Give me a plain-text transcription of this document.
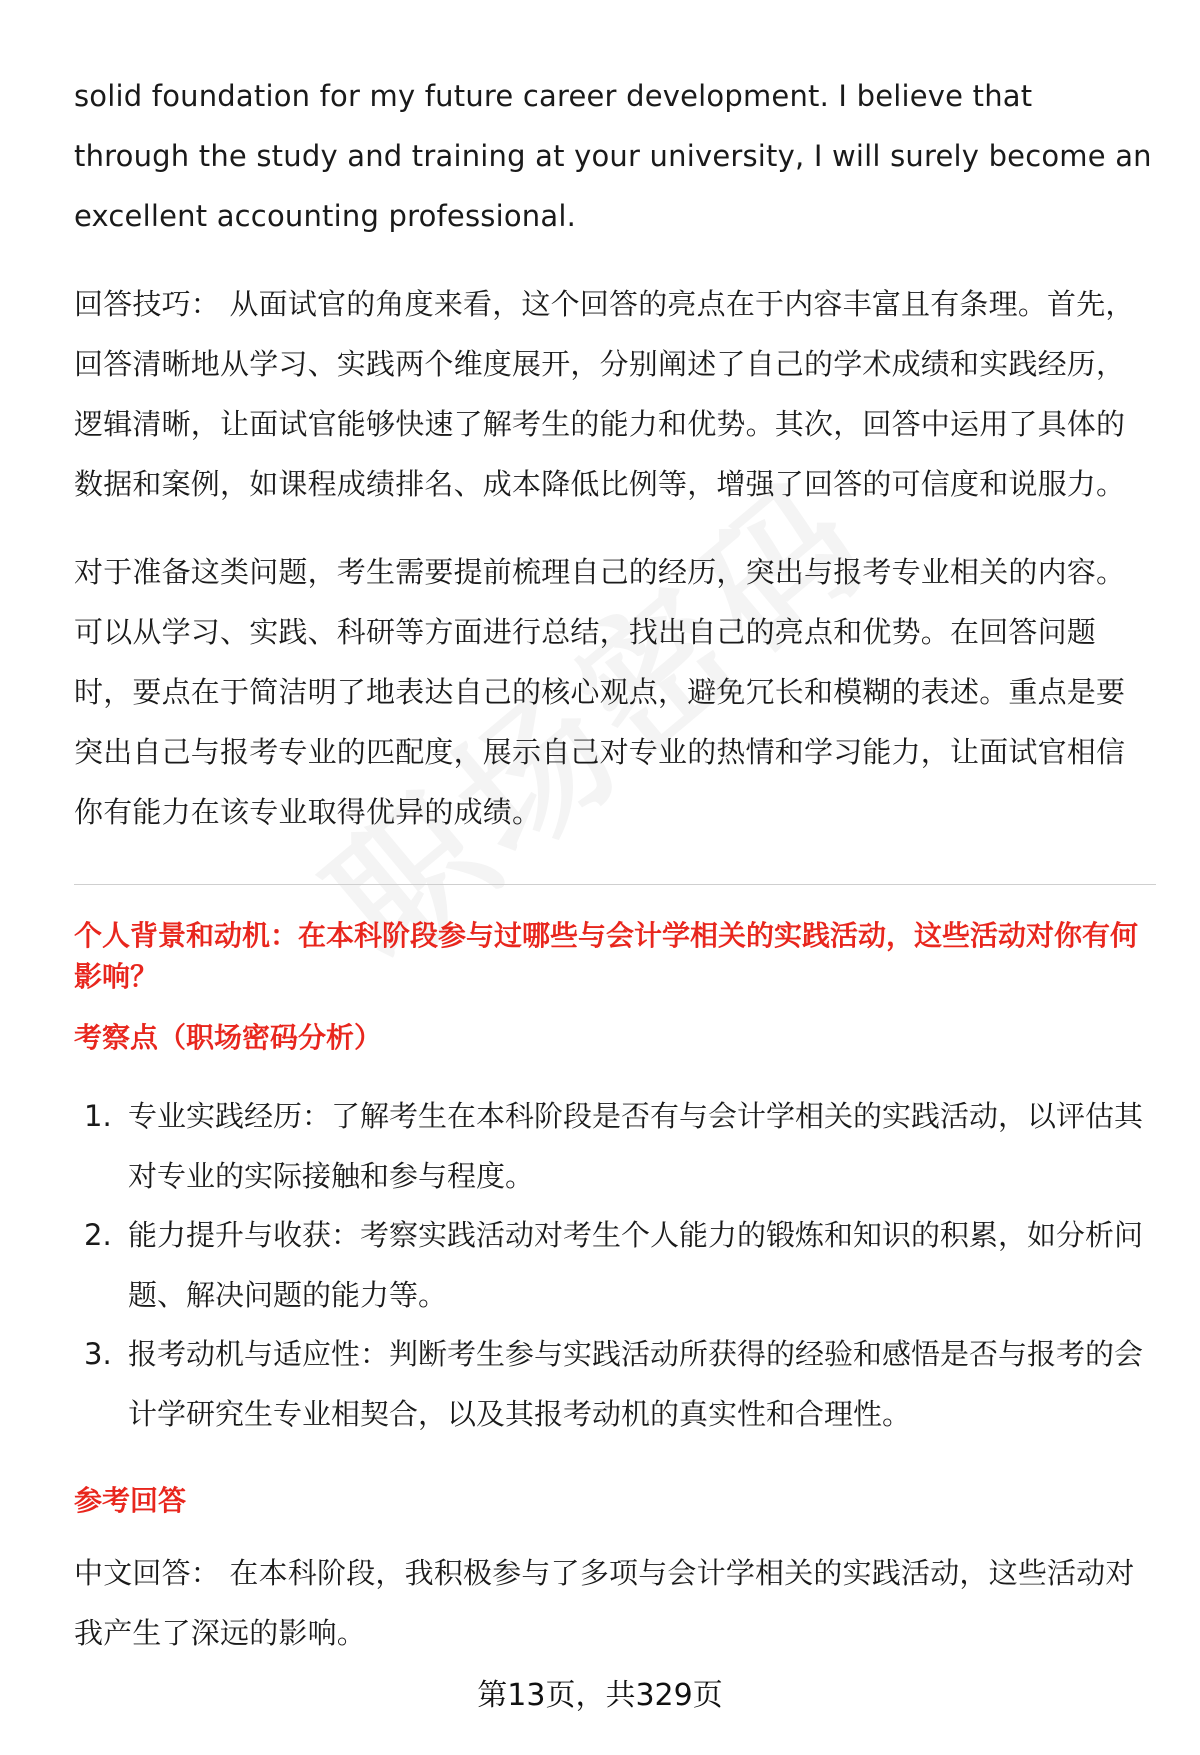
solid foundation for my future career development. I believe that through the study and training at your university, I will surely become an excellent accounting professional.

回答技巧： 从面试官的角度来看，这个回答的亮点在于内容丰富且有条理。首先，回答清晰地从学习、实践两个维度展开，分别阐述了自己的学术成绩和实践经历，逻辑清晰，让面试官能够快速了解考生的能力和优势。其次，回答中运用了具体的数据和案例，如课程成绩排名、成本降低比例等，增强了回答的可信度和说服力。

对于准备这类问题，考生需要提前梳理自己的经历，突出与报考专业相关的内容。可以从学习、实践、科研等方面进行总结，找出自己的亮点和优势。在回答问题时，要点在于简洁明了地表达自己的核心观点，避免冗长和模糊的表述。重点是要突出自己与报考专业的匹配度，展示自己对专业的热情和学习能力，让面试官相信你有能力在该专业取得优异的成绩。

个人背景和动机：在本科阶段参与过哪些与会计学相关的实践活动，这些活动对你有何影响？

考察点（职场密码分析）

1. 专业实践经历：了解考生在本科阶段是否有与会计学相关的实践活动，以评估其对专业的实际接触和参与程度。
2. 能力提升与收获：考察实践活动对考生个人能力的锻炼和知识的积累，如分析问题、解决问题的能力等。
3. 报考动机与适应性：判断考生参与实践活动所获得的经验和感悟是否与报考的会计学研究生专业相契合，以及其报考动机的真实性和合理性。

参考回答

中文回答： 在本科阶段，我积极参与了多项与会计学相关的实践活动，这些活动对我产生了深远的影响。

第13页，共329页
